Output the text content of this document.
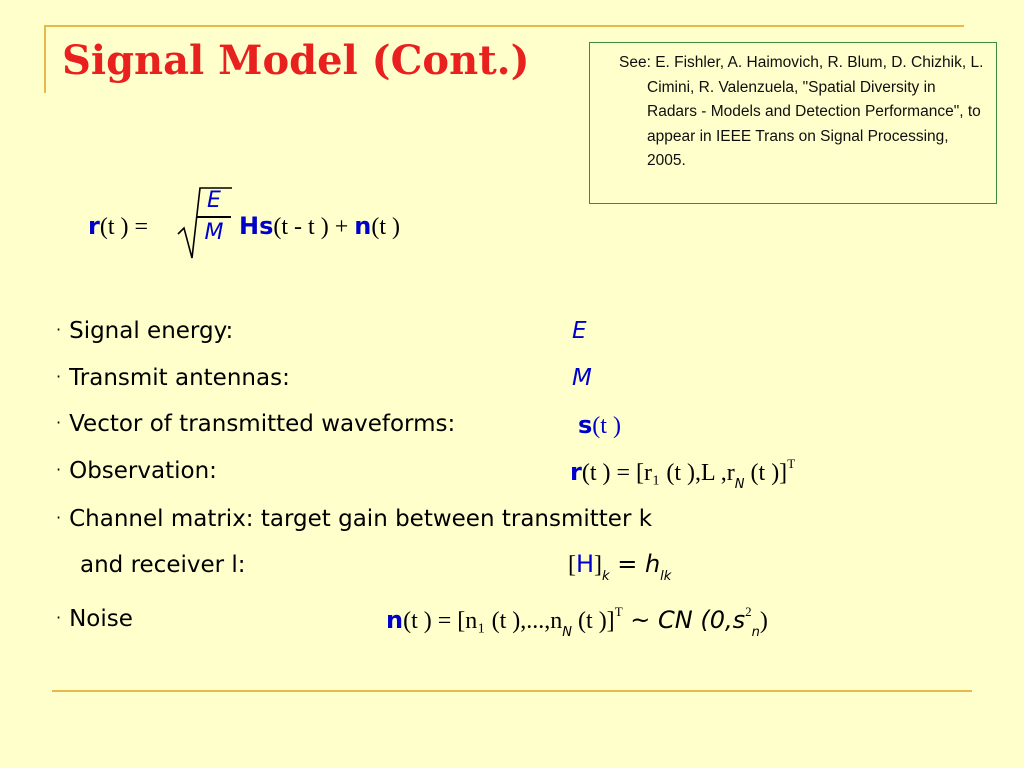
Signal Model (Cont.)	See: E. Fishler, A. Haimovich, R. Blum, D. Chizhik, L. Cimini, R. Valenzuela, "Spatial Diversity in Radars - Models and Detection Performance", to appear in IEEE Trans on Signal Processing, 2005.
r(t ) =
E
M Hs(t - t ) + n(t )
· Signal energy:	E
· Transmit antennas:	M
· Vector of transmitted waveforms:	s(t )
· Observation:	r(t ) = [r₁ (t ),L $,r_N$ (t )]$^T$
· Channel matrix: target gain between transmitter k
and receiver l:	$[H]_k = h_{lk}$
· Noise	n(t ) = [n₁ (t )$,...,n_N$ (t )]$^T$ ~ CN $(0,s^2_n)$
